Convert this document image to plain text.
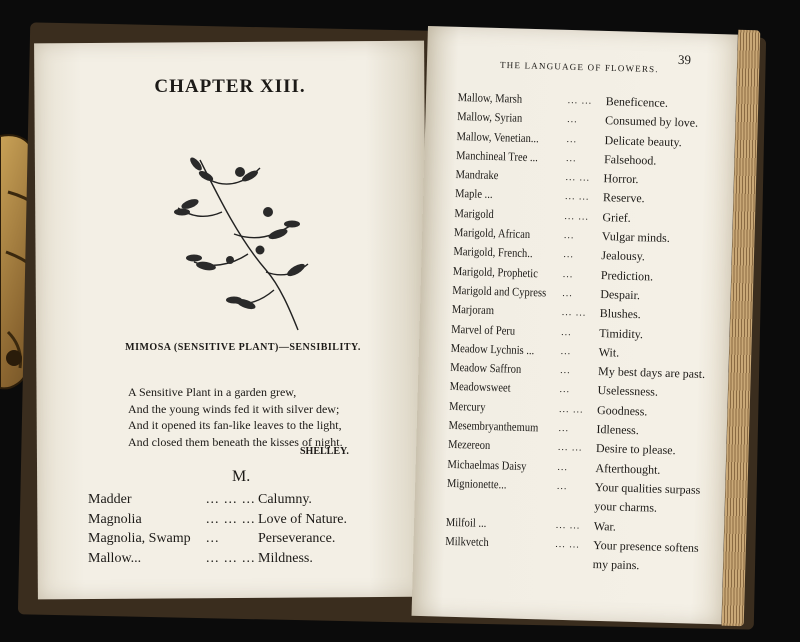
CHAPTER XIII.
MIMOSA (SENSITIVE PLANT)—SENSIBILITY.
A Sensitive Plant in a garden grew,
And the young winds fed it with silver dew;
And it opened its fan-like leaves to the light,
And closed them beneath the kisses of night.
SHELLEY.
M.
Madder	... ... ... Calumny.
Magnolia	... ... ... Love of Nature.
Magnolia, Swamp	...	Perseverance.
Mallow...	... ... ... Mildness.
THE LANGUAGE OF FLOWERS. 39
Mallow, Marsh	... ...	Beneficence.
Mallow, Syrian	...	Consumed by love.
Mallow, Venetian...	...	Delicate beauty.
Manchineal Tree ...	...	Falsehood.
Mandrake	... ...	Horror.
Maple ...	... ...	Reserve.
Marigold	... ...	Grief.
Marigold, African	...	Vulgar minds.
Marigold, French..	...	Jealousy.
Marigold, Prophetic	...	Prediction.
Marigold and Cypress ...	Despair.
Marjoram	... ...	Blushes.
Marvel of Peru	...	Timidity.
Meadow Lychnis ...	...	Wit.
Meadow Saffron	...	My best days are past.
Meadowsweet	...	Uselessness.
Mercury	... ...	Goodness.
Mesembryanthemum	...	Idleness.
Mezereon	... ...	Desire to please.
Michaelmas Daisy	...	Afterthought.
Mignionette...	...	Your qualities surpass
your charms.
Milfoil ...	... ...	War.
Milkvetch	... ...	Your presence softens
my pains.
